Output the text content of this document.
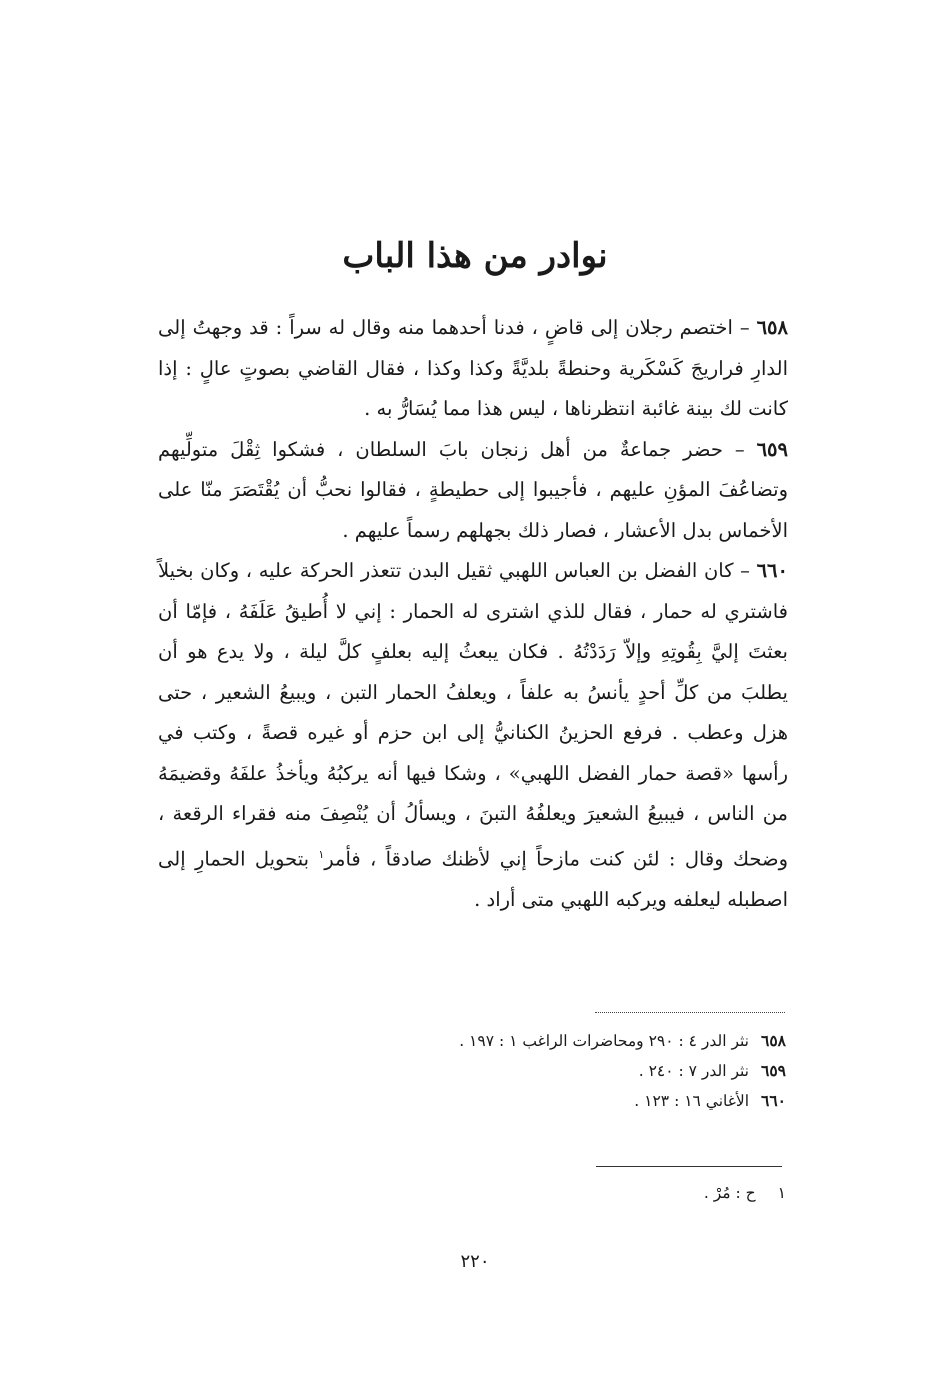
نوادر من هذا الباب

٦٥٨ – اختصم رجلان إلى قاضٍ ، فدنا أحدهما منه وقال له سراً : قد وجهتُ إلى الدارِ فراريجَ كَسْكَرية وحنطةً بلديَّةً وكذا وكذا ، فقال القاضي بصوتٍ عالٍ : إذا كانت لك بينة غائبة انتظرناها ، ليس هذا مما يُسَارُّ به .

٦٥٩ – حضر جماعةٌ من أهل زنجان بابَ السلطان ، فشكوا ثِقْلَ متولِّيهم وتضاعُفَ المؤنِ عليهم ، فأجيبوا إلى حطيطةٍ ، فقالوا نحبُّ أن يُقْتَصَرَ منّا على الأخماس بدل الأعشار ، فصار ذلك بجهلهم رسماً عليهم .

٦٦٠ – كان الفضل بن العباس اللهبي ثقيل البدن تتعذر الحركة عليه ، وكان بخيلاً فاشتري له حمار ، فقال للذي اشترى له الحمار : إني لا أُطيقُ عَلَفَهُ ، فإمّا أن بعثتَ إليَّ بِقُوتِهِ وإلاّ رَدَدْتُهُ . فكان يبعثُ إليه بعلفٍ كلَّ ليلة ، ولا يدع هو أن يطلبَ من كلِّ أحدٍ يأنسُ به علفاً ، ويعلفُ الحمار التبن ، ويبيعُ الشعير ، حتى هزل وعطب . فرفع الحزينُ الكنانيُّ إلى ابن حزم أو غيره قصةً ، وكتب في رأسها «قصة حمار الفضل اللهبي» ، وشكا فيها أنه يركبُهُ ويأخذُ علفَهُ وقضيمَهُ من الناس ، فيبيعُ الشعيرَ ويعلفُهُ التبنَ ، ويسألُ أن يُنْصِفَ منه فقراء الرقعة ، وضحك وقال : لئن كنت مازحاً إني لأظنك صادقاً ، فأمر$^١$ بتحويل الحمارِ إلى اصطبله ليعلفه ويركبه اللهبي متى أراد .

٦٥٨نثر الدر ٤ : ٢٩٠ ومحاضرات الراغب ١ : ١٩٧ .

٦٥٩نثر الدر ٧ : ٢٤٠ .

٦٦٠الأغاني ١٦ : ١٢٣ .

١ح : مُرْ .
٢٢٠
